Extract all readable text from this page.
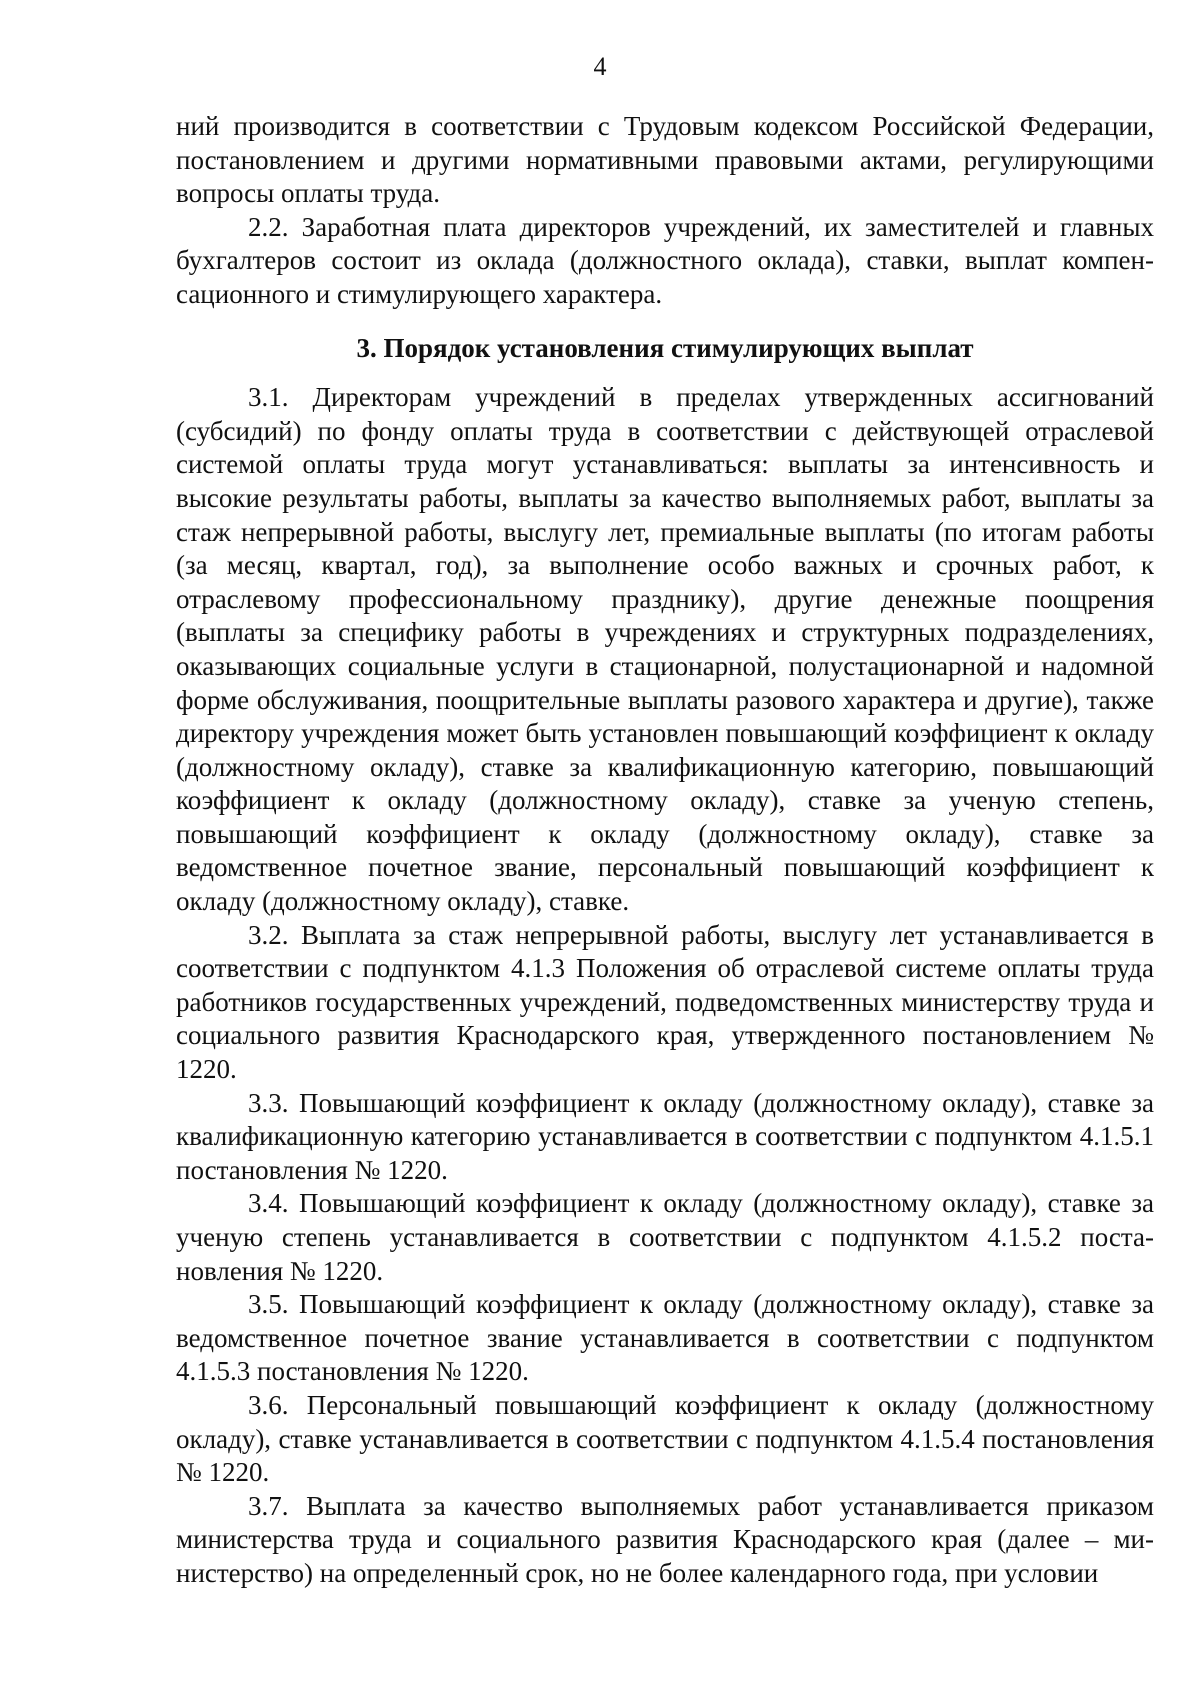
4

ний производится в соответствии с Трудовым кодексом Российской Федерации, постановлением и другими нормативными правовыми актами, регулирующими вопросы оплаты труда.

2.2. Заработная плата директоров учреждений, их заместителей и главных бухгалтеров состоит из оклада (должностного оклада), ставки, выплат компенсационного и стимулирующего характера.

3. Порядок установления стимулирующих выплат

3.1. Директорам учреждений в пределах утвержденных ассигнований (субсидий) по фонду оплаты труда в соответствии с действующей отраслевой системой оплаты труда могут устанавливаться: выплаты за интенсивность и высокие результаты работы, выплаты за качество выполняемых работ, выплаты за стаж непрерывной работы, выслугу лет, премиальные выплаты (по итогам работы (за месяц, квартал, год), за выполнение особо важных и срочных работ, к отраслевому профессиональному празднику), другие денежные поощрения (выплаты за специфику работы в учреждениях и структурных подразделениях, оказывающих социальные услуги в стационарной, полустационарной и надомной форме обслуживания, поощрительные выплаты разового характера и другие), также директору учреждения может быть установлен повышающий коэффициент к окладу (должностному окладу), ставке за квалификационную категорию, повышающий коэффициент к окладу (должностному окладу), ставке за ученую степень, повышающий коэффициент к окладу (должностному окладу), ставке за ведомственное почетное звание, персональный повышающий коэффициент к окладу (должностному окладу), ставке.

3.2. Выплата за стаж непрерывной работы, выслугу лет устанавливается в соответствии с подпунктом 4.1.3 Положения об отраслевой системе оплаты труда работников государственных учреждений, подведомственных министерству труда и социального развития Краснодарского края, утвержденного постановлением № 1220.

3.3. Повышающий коэффициент к окладу (должностному окладу), ставке за квалификационную категорию устанавливается в соответствии с подпунктом 4.1.5.1 постановления № 1220.

3.4. Повышающий коэффициент к окладу (должностному окладу), ставке за ученую степень устанавливается в соответствии с подпунктом 4.1.5.2 постановления № 1220.

3.5. Повышающий коэффициент к окладу (должностному окладу), ставке за ведомственное почетное звание устанавливается в соответствии с подпунктом 4.1.5.3 постановления № 1220.

3.6. Персональный повышающий коэффициент к окладу (должностному окладу), ставке устанавливается в соответствии с подпунктом 4.1.5.4 постановления № 1220.

3.7. Выплата за качество выполняемых работ устанавливается приказом министерства труда и социального развития Краснодарского края (далее – министерство) на определенный срок, но не более календарного года, при условии
